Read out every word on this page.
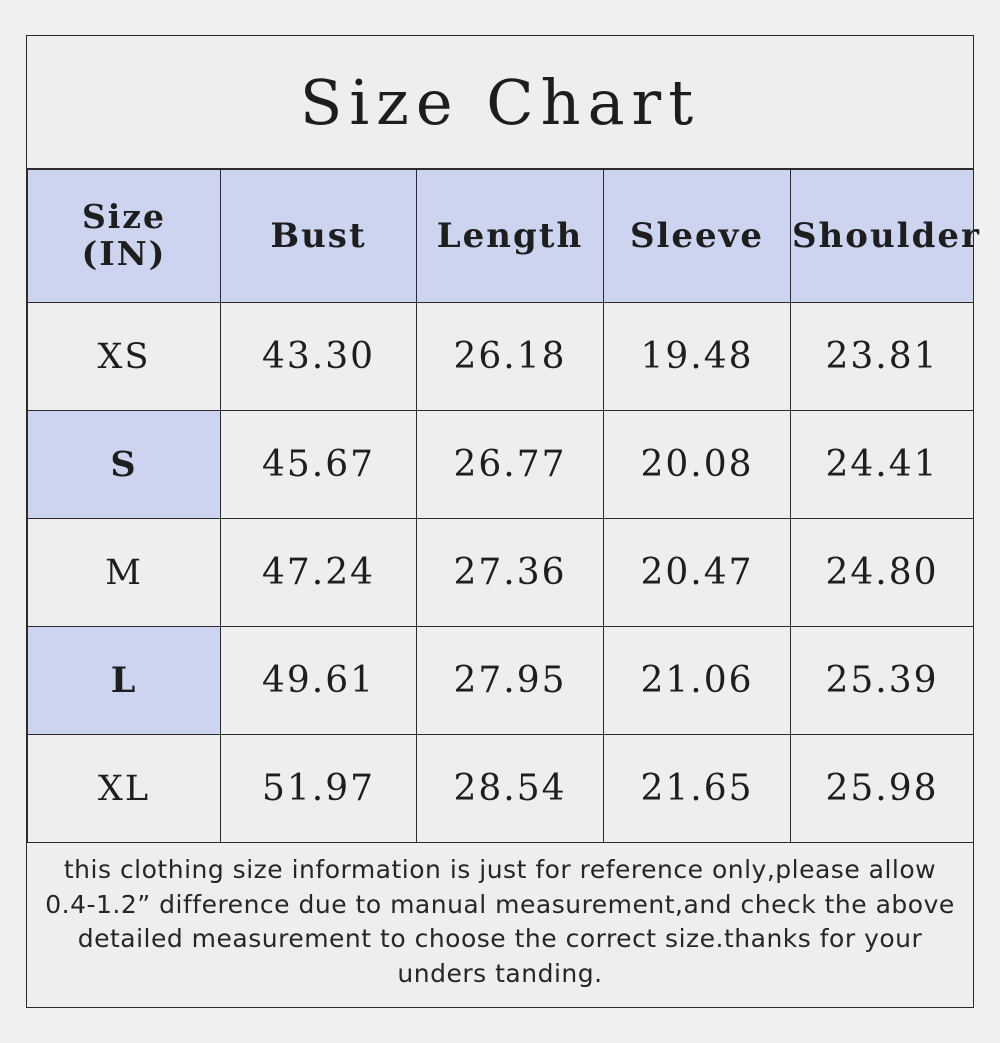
Size Chart
Size
(IN)	Bust	Length	Sleeve	Shoulder
XS	43.30	26.18	19.48	23.81
S	45.67	26.77	20.08	24.41
M	47.24	27.36	20.47	24.80
L	49.61	27.95	21.06	25.39
XL	51.97	28.54	21.65	25.98

this clothing size information is just for reference only,please allow 0.4-1.2” difference due to manual measurement,and check the above detailed measurement to choose the correct size.thanks for your unders tanding.
